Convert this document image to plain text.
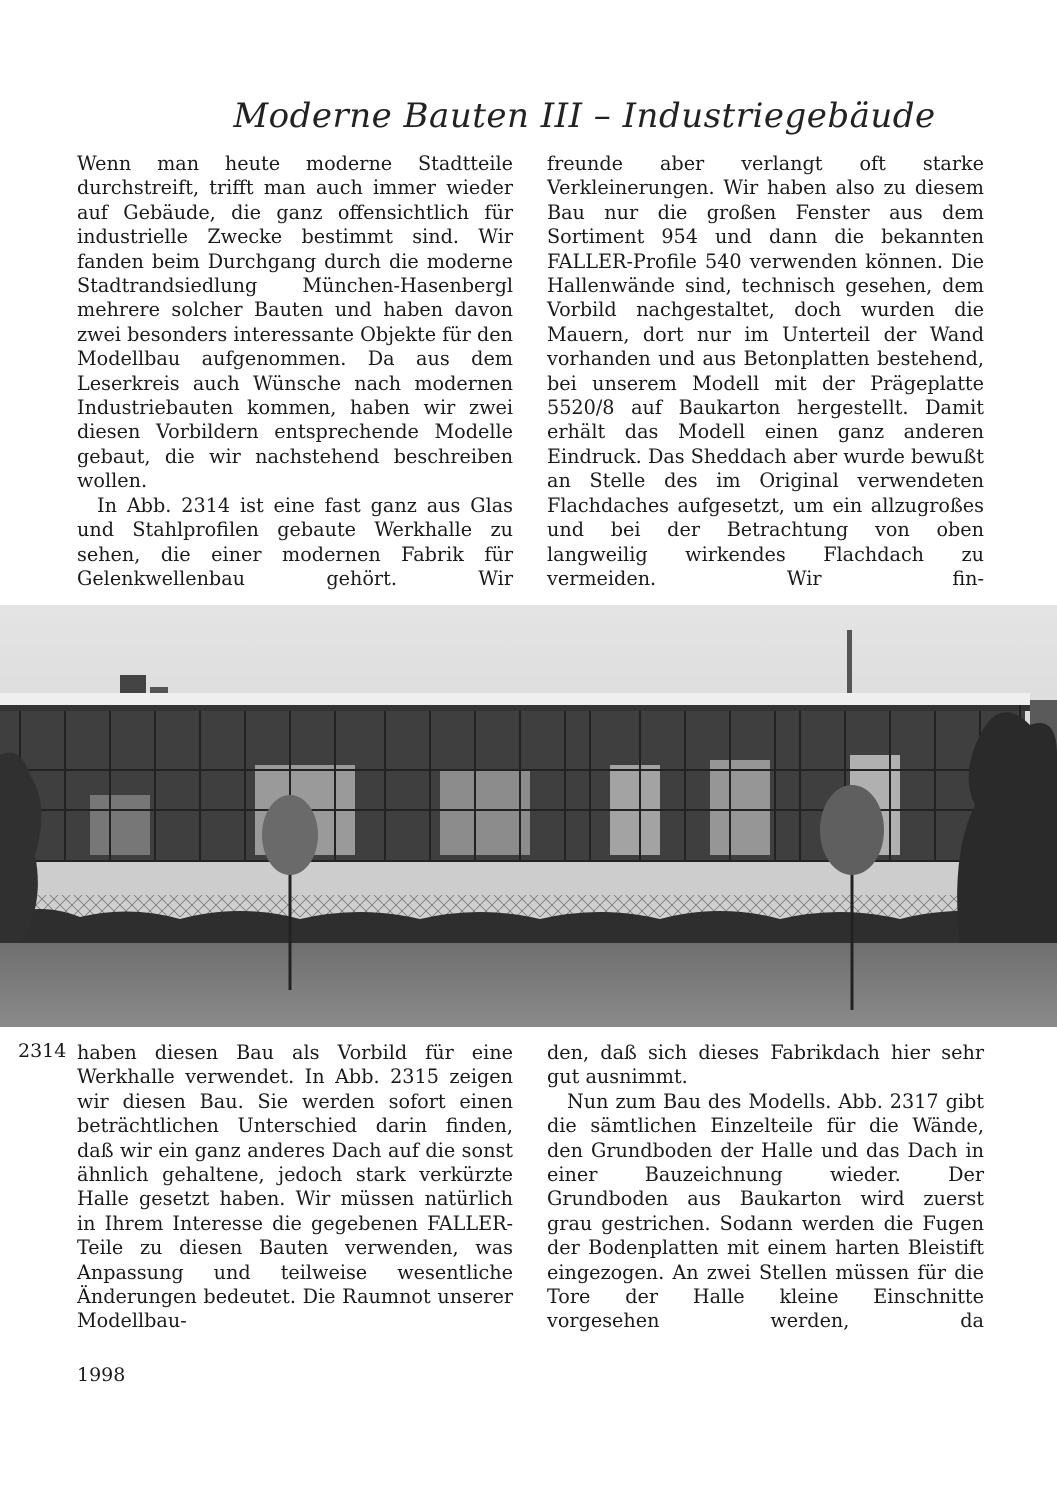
Moderne Bauten III – Industriegebäude

Wenn man heute moderne Stadtteile durchstreift, trifft man auch immer wieder auf Gebäude, die ganz offensichtlich für industrielle Zwecke bestimmt sind. Wir fanden beim Durchgang durch die moderne Stadtrandsiedlung München-Hasenbergl mehrere solcher Bauten und haben davon zwei besonders interessante Objekte für den Modellbau aufgenommen. Da aus dem Leserkreis auch Wünsche nach modernen Industriebauten kommen, haben wir zwei diesen Vorbildern entsprechende Modelle gebaut, die wir nachstehend beschreiben wollen.

In Abb. 2314 ist eine fast ganz aus Glas und Stahlprofilen gebaute Werkhalle zu sehen, die einer modernen Fabrik für Gelenkwellenbau gehört. Wir

freunde aber verlangt oft starke Verkleinerungen. Wir haben also zu diesem Bau nur die großen Fenster aus dem Sortiment 954 und dann die bekannten FALLER-Profile 540 verwenden können. Die Hallenwände sind, technisch gesehen, dem Vorbild nachgestaltet, doch wurden die Mauern, dort nur im Unterteil der Wand vorhanden und aus Betonplatten bestehend, bei unserem Modell mit der Prägeplatte 5520/8 auf Baukarton hergestellt. Damit erhält das Modell einen ganz anderen Eindruck. Das Sheddach aber wurde bewußt an Stelle des im Original verwendeten Flachdaches aufgesetzt, um ein allzugroßes und bei der Betrachtung von oben langweilig wirkendes Flachdach zu vermeiden. Wir fin-

2314 haben diesen Bau als Vorbild für eine Werkhalle verwendet. In Abb. 2315 zeigen wir diesen Bau. Sie werden sofort einen beträchtlichen Unterschied darin finden, daß wir ein ganz anderes Dach auf die sonst ähnlich gehaltene, jedoch stark verkürzte Halle gesetzt haben. Wir müssen natürlich in Ihrem Interesse die gegebenen FALLER-Teile zu diesen Bauten verwenden, was Anpassung und teilweise wesentliche Änderungen bedeutet. Die Raumnot unserer Modellbau-

den, daß sich dieses Fabrikdach hier sehr gut ausnimmt.

Nun zum Bau des Modells. Abb. 2317 gibt die sämtlichen Einzelteile für die Wände, den Grundboden der Halle und das Dach in einer Bauzeichnung wieder. Der Grundboden aus Baukarton wird zuerst grau gestrichen. Sodann werden die Fugen der Bodenplatten mit einem harten Bleistift eingezogen. An zwei Stellen müssen für die Tore der Halle kleine Einschnitte vorgesehen werden, da

1998
